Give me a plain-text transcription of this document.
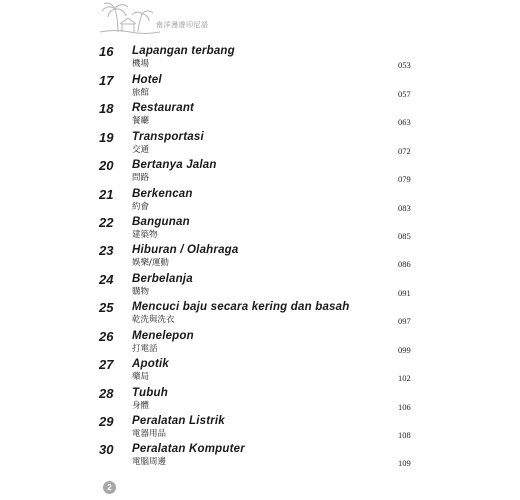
南洋漫遊印尼語
16	Lapangan terbang
機場	053
17	Hotel
旅館	057
18	Restaurant
餐廳	063
19	Transportasi
交通	072
20	Bertanya Jalan
問路	079
21	Berkencan
約會	083
22	Bangunan
建築物	085
23	Hiburan / Olahraga
娛樂/運動	086
24	Berbelanja
購物	091
25	Mencuci baju secara kering dan basah
乾洗與洗衣	097
26	Menelepon
打電話	099
27	Apotik
藥局	102
28	Tubuh
身體	106
29	Peralatan Listrik
電器用品	108
30	Peralatan Komputer
電腦周邊	109
2
